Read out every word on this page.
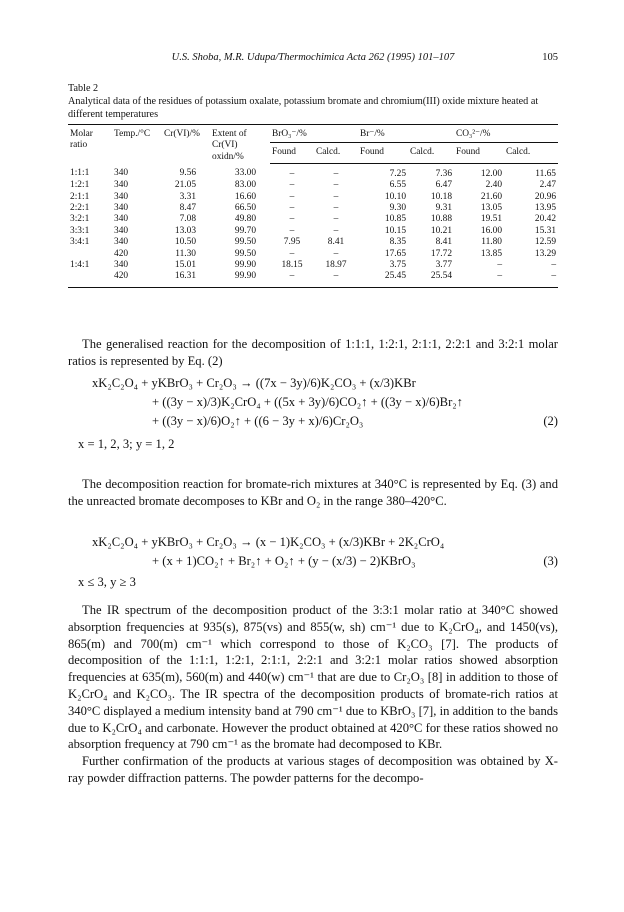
U.S. Shoba, M.R. Udupa/Thermochimica Acta 262 (1995) 101–107	105
Table 2
Analytical data of the residues of potassium oxalate, potassium bromate and chromium(III) oxide mixture heated at different temperatures
Molar ratio	Temp./°C	Cr(VI)/%	Extent of Cr(VI) oxidn/%	BrO₃⁻/%		Br⁻/%		CO₃²⁻/%	

				Found	Calcd.	Found	Calcd.	Found	Calcd.
1:1:1	340	9.56	33.00	–	–	7.25	7.36	12.00	11.65
1:2:1	340	21.05	83.00	–	–	6.55	6.47	2.40	2.47
2:1:1	340	3.31	16.60	–	–	10.10	10.18	21.60	20.96
2:2:1	340	8.47	66.50	–	–	9.30	9.31	13.05	13.95
3:2:1	340	7.08	49.80	–	–	10.85	10.88	19.51	20.42
3:3:1	340	13.03	99.70	–	–	10.15	10.21	16.00	15.31
3:4:1	340	10.50	99.50	7.95	8.41	8.35	8.41	11.80	12.59
	420	11.30	99.50	–	–	17.65	17.72	13.85	13.29
1:4:1	340	15.01	99.90	18.15	18.97	3.75	3.77	–	–
	420	16.31	99.90	–	–	25.45	25.54	–	–

The generalised reaction for the decomposition of 1:1:1, 1:2:1, 2:1:1, 2:2:1 and 3:2:1 molar ratios is represented by Eq. (2)

xK₂C₂O₄ + yKBrO₃ + Cr₂O₃ → ((7x − 3y)/6)K₂CO₃ + (x/3)KBr
+ ((3y − x)/3)K₂CrO₄ + ((5x + 3y)/6)CO₂↑ + ((3y − x)/6)Br₂↑
+ ((3y − x)/6)O₂↑ + ((6 − 3y + x)/6)Cr₂O₃	(2)
x = 1, 2, 3; y = 1, 2

The decomposition reaction for bromate-rich mixtures at 340°C is represented by Eq. (3) and the unreacted bromate decomposes to KBr and O₂ in the range 380–420°C.

xK₂C₂O₄ + yKBrO₃ + Cr₂O₃ → (x − 1)K₂CO₃ + (x/3)KBr + 2K₂CrO₄
+ (x + 1)CO₂↑ + Br₂↑ + O₂↑ + (y − (x/3) − 2)KBrO₃	(3)
x ≤ 3, y ≥ 3

The IR spectrum of the decomposition product of the 3:3:1 molar ratio at 340°C showed absorption frequencies at 935(s), 875(vs) and 855(w, sh) cm⁻¹ due to K₂CrO₄, and 1450(vs), 865(m) and 700(m) cm⁻¹ which correspond to those of K₂CO₃ [7]. The products of decomposition of the 1:1:1, 1:2:1, 2:1:1, 2:2:1 and 3:2:1 molar ratios showed absorption frequencies at 635(m), 560(m) and 440(w) cm⁻¹ that are due to Cr₂O₃ [8] in addition to those of K₂CrO₄ and K₂CO₃. The IR spectra of the decomposition products of bromate-rich ratios at 340°C displayed a medium intensity band at 790 cm⁻¹ due to KBrO₃ [7], in addition to the bands due to K₂CrO₄ and carbonate. However the product obtained at 420°C for these ratios showed no absorption frequency at 790 cm⁻¹ as the bromate had decomposed to KBr.

Further confirmation of the products at various stages of decomposition was obtained by X-ray powder diffraction patterns. The powder patterns for the decompo-
